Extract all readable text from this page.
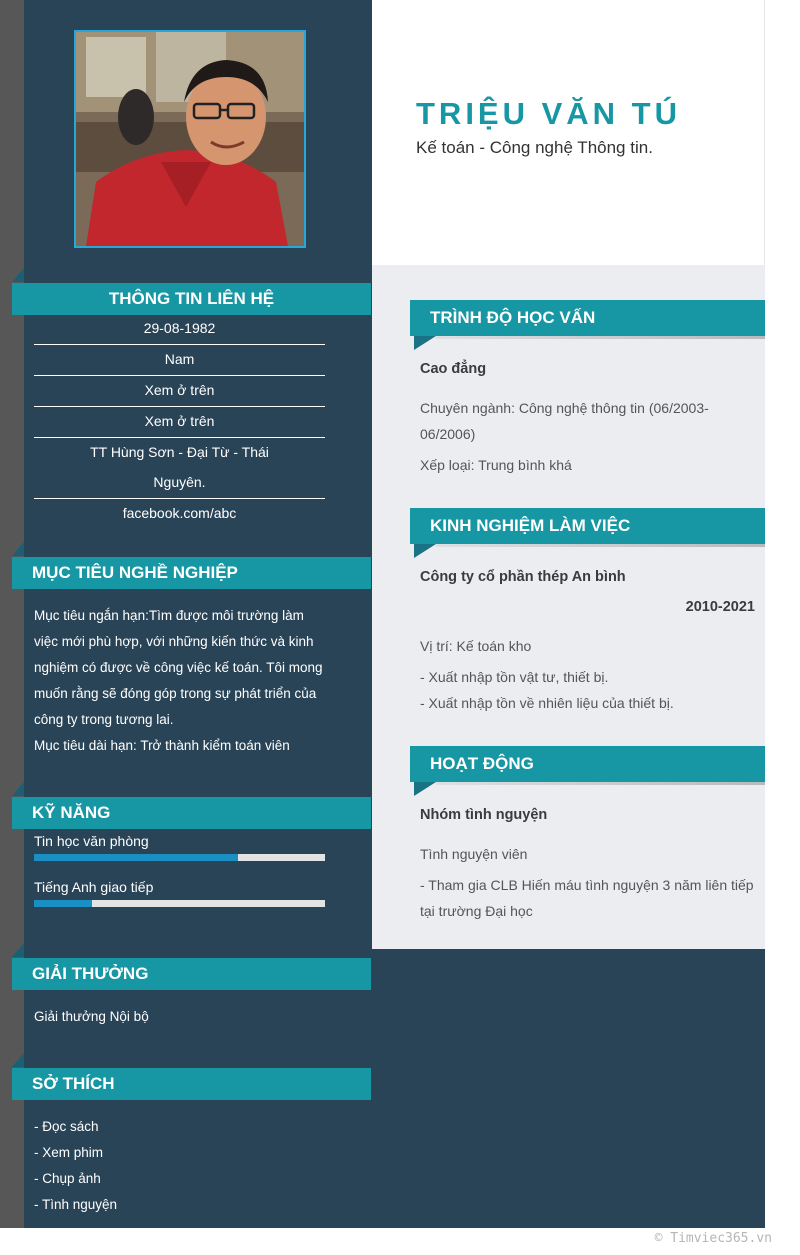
TRIỆU VĂN TÚ
Kế toán - Công nghệ Thông tin.
THÔNG TIN LIÊN HỆ
29-08-1982
Nam
Xem ở trên
Xem ở trên
TT Hùng Sơn - Đại Từ - Thái
Nguyên.
facebook.com/abc
MỤC TIÊU NGHỀ NGHIỆP
Mục tiêu ngắn hạn:Tìm được môi trường làm
việc mới phù hợp, với những kiến thức và kinh
nghiệm có được về công việc kế toán. Tôi mong
muốn rằng sẽ đóng góp trong sự phát triển của
công ty trong tương lai.
Mục tiêu dài hạn: Trở thành kiểm toán viên
KỸ NĂNG
Tin học văn phòng
Tiếng Anh giao tiếp
GIẢI THƯỞNG
Giải thưởng Nội bộ
SỞ THÍCH
- Đọc sách
- Xem phim
- Chụp ảnh
- Tình nguyện
TRÌNH ĐỘ HỌC VẤN
Cao đẳng
Chuyên ngành: Công nghệ thông tin (06/2003-
06/2006)
Xếp loại: Trung bình khá
KINH NGHIỆM LÀM VIỆC
Công ty cổ phần thép An bình
2010-2021
Vị trí: Kế toán kho
- Xuất nhập tồn vật tư, thiết bị.
- Xuất nhập tồn về nhiên liệu của thiết bị.
HOẠT ĐỘNG
Nhóm tình nguyện
Tình nguyện viên
- Tham gia CLB Hiến máu tình nguyện 3 năm liên tiếp
tại trường Đại học
© Timviec365.vn
